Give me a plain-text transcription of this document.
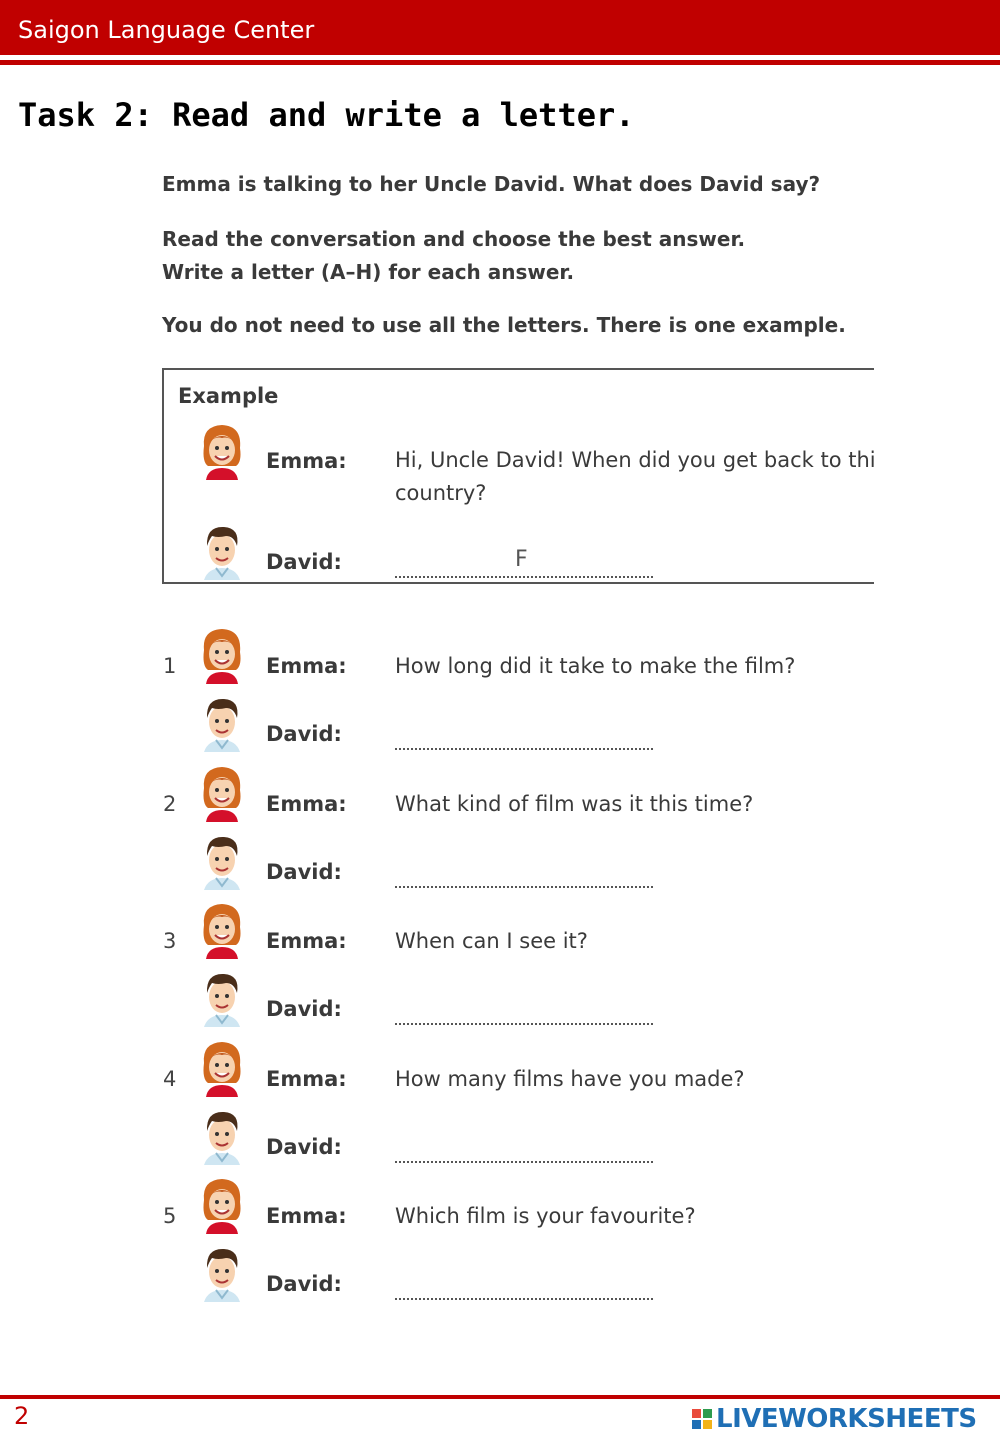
Saigon Language Center
Task 2: Read and write a letter.
Emma is talking to her Uncle David. What does David say?
Read the conversation and choose the best answer.
Write a letter (A–H) for each answer.
You do not need to use all the letters. There is one example.
Example
Emma: Hi, Uncle David! When did you get back to thi
country?
David:	F
1	Emma: How long did it take to make the film?
David:
2	Emma: What kind of film was it this time?
David:
3	Emma: When can I see it?
David:
4	Emma: How many films have you made?
David:
5	Emma: Which film is your favourite?
David:
2	LIVEWORKSHEETS
